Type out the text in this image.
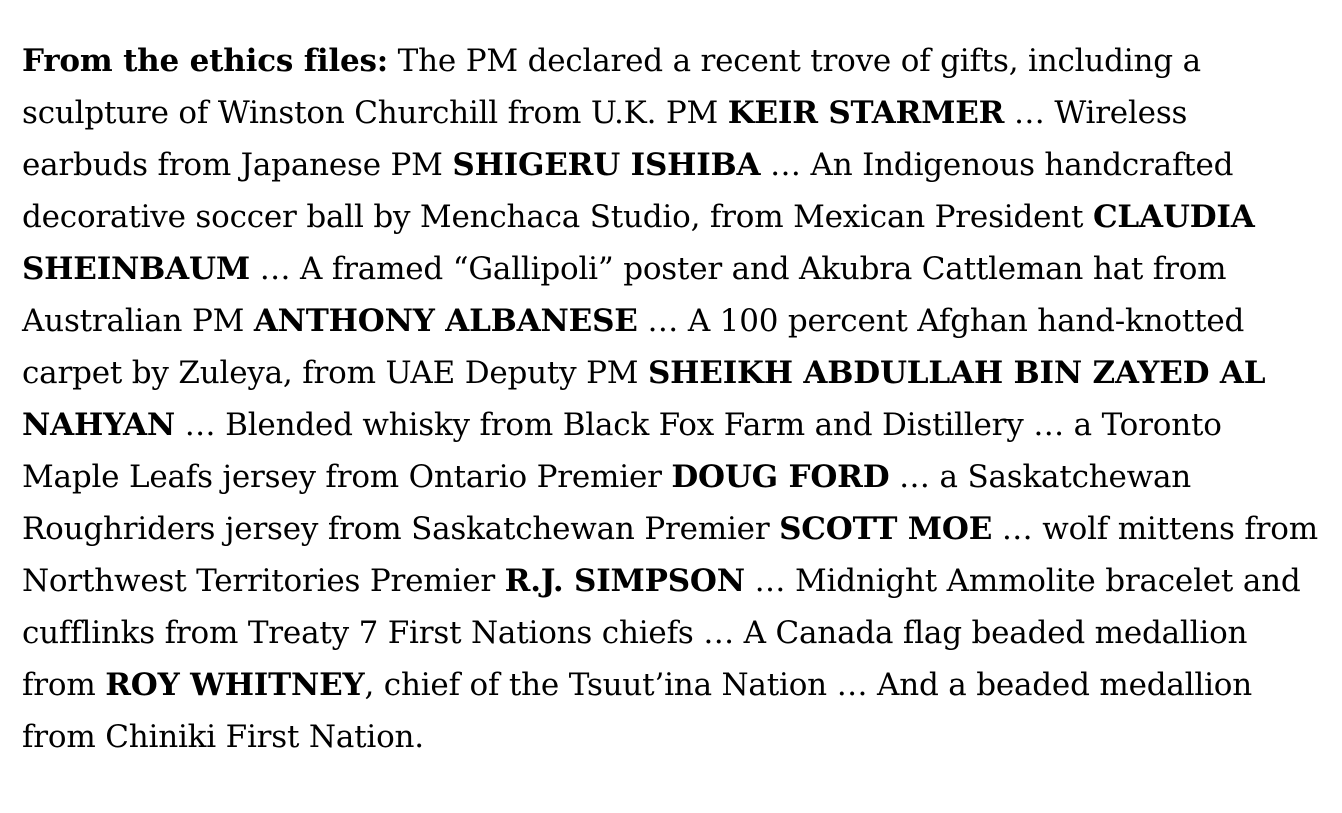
From the ethics files: The PM declared a recent trove of gifts, including a sculpture of Winston Churchill from U.K. PM KEIR STARMER … Wireless earbuds from Japanese PM SHIGERU ISHIBA … An Indigenous handcrafted decorative soccer ball by Menchaca Studio, from Mexican President CLAUDIA SHEINBAUM … A framed “Gallipoli” poster and Akubra Cattleman hat from Australian PM ANTHONY ALBANESE … A 100 percent Afghan hand-knotted carpet by Zuleya, from UAE Deputy PM SHEIKH ABDULLAH BIN ZAYED AL NAHYAN … Blended whisky from Black Fox Farm and Distillery … a Toronto Maple Leafs jersey from Ontario Premier DOUG FORD … a Saskatchewan Roughriders jersey from Saskatchewan Premier SCOTT MOE … wolf mittens from Northwest Territories Premier R.J. SIMPSON … Midnight Ammolite bracelet and cufflinks from Treaty 7 First Nations chiefs … A Canada flag beaded medallion from ROY WHITNEY, chief of the Tsuut’ina Nation … And a beaded medallion from Chiniki First Nation.
